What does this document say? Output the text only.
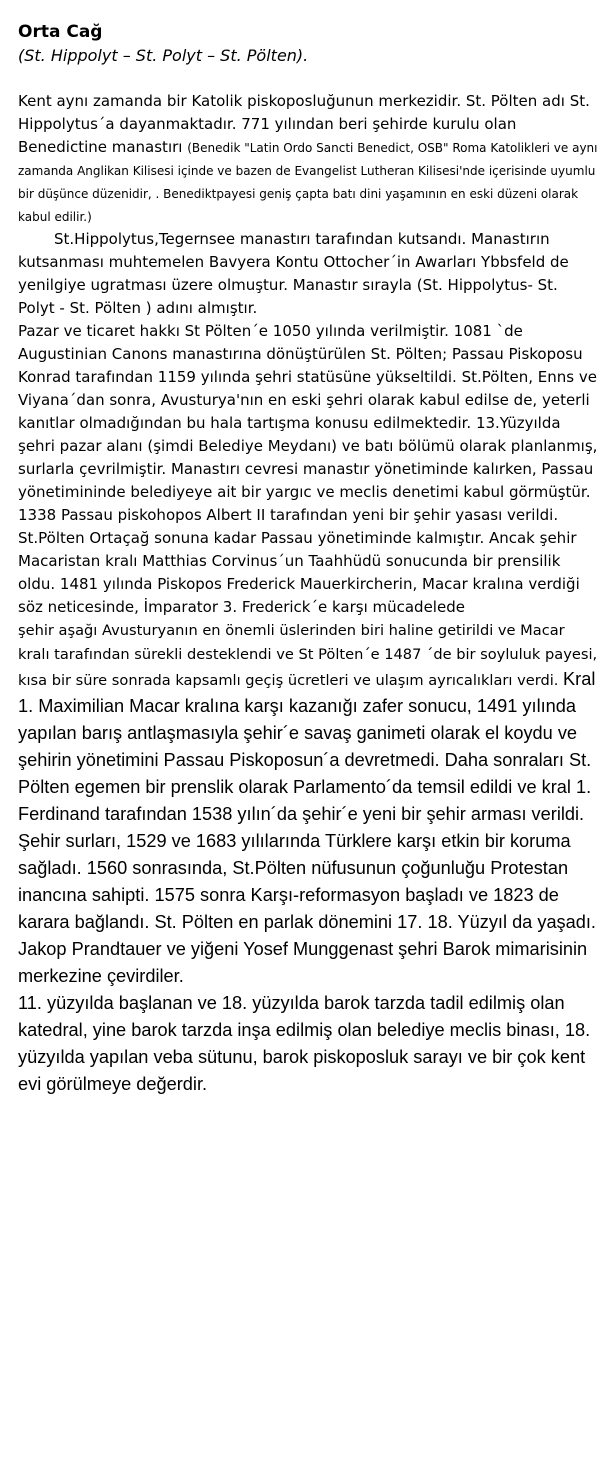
Orta Cağ
(St. Hippolyt – St. Polyt – St. Pölten).

Kent aynı zamanda bir Katolik piskoposluğunun merkezidir. St. Pölten adı St. Hippolytus´a dayanmaktadır. 771 yılından beri şehirde kurulu olan Benedictine manastırı (Benedik "Latin Ordo Sancti Benedict, OSB" Roma Katolikleri ve aynı zamanda Anglikan Kilisesi içinde ve bazen de Evangelist Lutheran Kilisesi'nde içerisinde uyumlu bir düşünce düzenidir, . Benediktpayesi geniş çapta batı dini yaşamının en eski düzeni olarak kabul edilir.)

St.Hippolytus,Tegernsee manastırı tarafından kutsandı. Manastırın kutsanması muhtemelen Bavyera Kontu Ottocher´in Awarları Ybbsfeld de yenilgiye ugratması üzere olmuştur. Manastır sırayla (St. Hippolytus- St. Polyt - St. Pölten ) adını almıştır.

Pazar ve ticaret hakkı St Pölten´e 1050 yılında verilmiştir. 1081 `de Augustinian Canons manastırına dönüştürülen St. Pölten; Passau Piskoposu Konrad tarafından 1159 yılında şehri statüsüne yükseltildi. St.Pölten, Enns ve Viyana´dan sonra, Avusturya'nın en eski şehri olarak kabul edilse de, yeterli kanıtlar olmadığından bu hala tartışma konusu edilmektedir. 13.Yüzyılda şehri pazar alanı (şimdi Belediye Meydanı) ve batı bölümü olarak planlanmış, surlarla çevrilmiştir. Manastırı cevresi manastır yönetiminde kalırken, Passau yönetimininde belediyeye ait bir yargıc ve meclis denetimi kabul görmüştür. 1338 Passau piskohopos Albert II tarafından yeni bir şehir yasası verildi. St.Pölten Ortaçağ sonuna kadar Passau yönetiminde kalmıştır. Ancak şehir Macaristan kralı Matthias Corvinus´un Taahhüdü sonucunda bir prensilik oldu. 1481 yılında Piskopos Frederick Mauerkircherin, Macar kralına verdiği söz neticesinde, İmparator 3. Frederick´e karşı mücadelede

şehir aşağı Avusturyanın en önemli üslerinden biri haline getirildi ve Macar kralı tarafından sürekli desteklendi ve St Pölten´e 1487 ´de bir soyluluk payesi, kısa bir süre sonrada kapsamlı geçiş ücretleri ve ulaşım ayrıcalıkları verdi. Kral 1. Maximilian Macar kralına karşı kazanığı zafer sonucu, 1491 yılında yapılan barış antlaşmasıyla şehir´e savaş ganimeti olarak el koydu ve şehirin yönetimini Passau Piskoposun´a devretmedi. Daha sonraları St. Pölten egemen bir prenslik olarak Parlamento´da temsil edildi ve kral 1. Ferdinand tarafından 1538 yılın´da şehir´e yeni bir şehir arması verildi.

Şehir surları, 1529 ve 1683 yılılarında Türklere karşı etkin bir koruma sağladı. 1560 sonrasında, St.Pölten nüfusunun çoğunluğu Protestan inancına sahipti. 1575 sonra Karşı-reformasyon başladı ve 1823 de karara bağlandı. St. Pölten en parlak dönemini 17. 18. Yüzyıl da yaşadı. Jakop Prandtauer ve yiğeni Yosef Munggenast şehri Barok mimarisinin merkezine çevirdiler.

11. yüzyılda başlanan ve 18. yüzyılda barok tarzda tadil edilmiş olan katedral, yine barok tarzda inşa edilmiş olan belediye meclis binası, 18. yüzyılda yapılan veba sütunu, barok piskoposluk sarayı ve bir çok kent evi görülmeye değerdir.
